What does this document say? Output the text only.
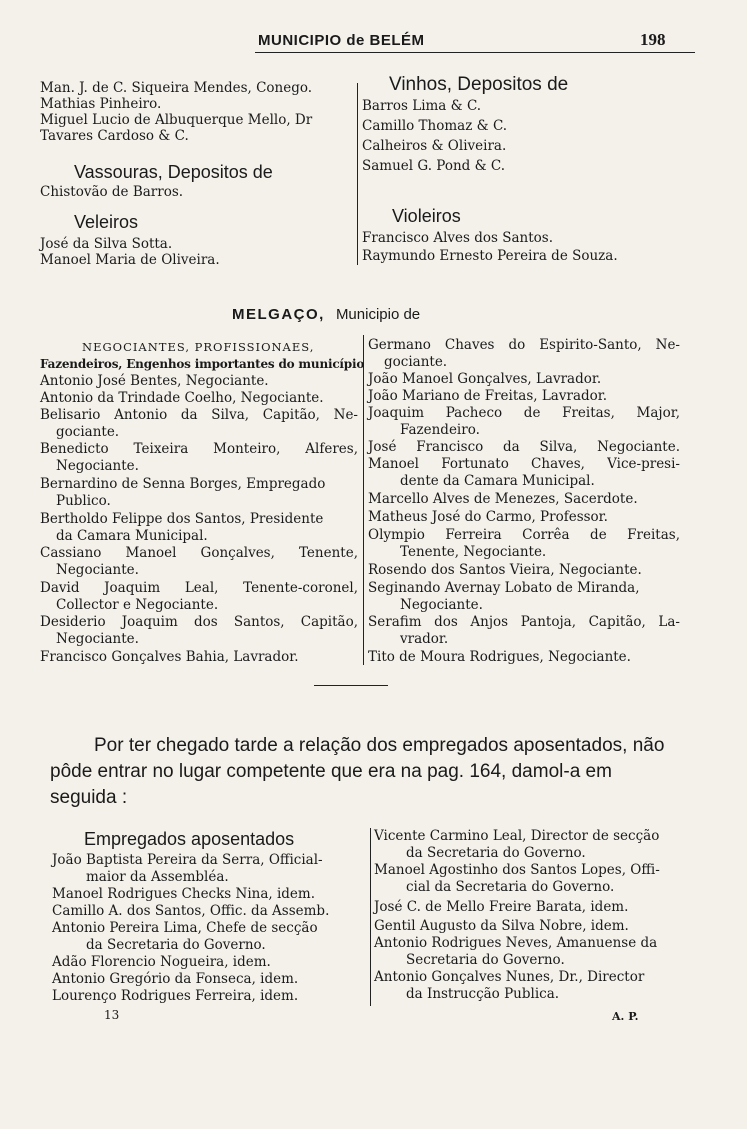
MUNICIPIO de BELÉM	198
Man. J. de C. Siqueira Mendes, Conego.
Mathias Pinheiro.
Miguel Lucio de Albuquerque Mello, Dr
Tavares Cardoso & C.
Vassouras, Depositos de
Chistovão de Barros.
Veleiros
José da Silva Sotta.
Manoel Maria de Oliveira.
Vinhos, Depositos de
Barros Lima & C.
Camillo Thomaz & C.
Calheiros & Oliveira.
Samuel G. Pond & C.
Violeiros
Francisco Alves dos Santos.
Raymundo Ernesto Pereira de Souza.
MELGAÇO, Municipio de
NEGOCIANTES, PROFISSIONAES,
Fazendeiros, Engenhos importantes do município
Antonio José Bentes, Negociante.
Antonio da Trindade Coelho, Negociante.
Belisario Antonio da Silva, Capitão, Ne-
gociante.
Benedicto Teixeira Monteiro, Alferes,
Negociante.
Bernardino de Senna Borges, Empregado
Publico.
Bertholdo Felippe dos Santos, Presidente
da Camara Municipal.
Cassiano Manoel Gonçalves, Tenente,
Negociante.
David Joaquim Leal, Tenente-coronel,
Collector e Negociante.
Desiderio Joaquim dos Santos, Capitão,
Negociante.
Francisco Gonçalves Bahia, Lavrador.
Germano Chaves do Espirito-Santo, Ne-
gociante.
João Manoel Gonçalves, Lavrador.
João Mariano de Freitas, Lavrador.
Joaquim Pacheco de Freitas, Major,
Fazendeiro.
José Francisco da Silva, Negociante.
Manoel Fortunato Chaves, Vice-presi-
dente da Camara Municipal.
Marcello Alves de Menezes, Sacerdote.
Matheus José do Carmo, Professor.
Olympio Ferreira Corrêa de Freitas,
Tenente, Negociante.
Rosendo dos Santos Vieira, Negociante.
Seginando Avernay Lobato de Miranda,
Negociante.
Serafim dos Anjos Pantoja, Capitão, La-
vrador.
Tito de Moura Rodrigues, Negociante.
Por ter chegado tarde a relação dos empregados aposentados, não
pôde entrar no lugar competente que era na pag. 164, damol-a em
seguida :
Empregados aposentados
João Baptista Pereira da Serra, Official-
maior da Assembléa.
Manoel Rodrigues Checks Nina, idem.
Camillo A. dos Santos, Offic. da Assemb.
Antonio Pereira Lima, Chefe de secção
da Secretaria do Governo.
Adão Florencio Nogueira, idem.
Antonio Gregório da Fonseca, idem.
Lourenço Rodrigues Ferreira, idem.
Vicente Carmino Leal, Director de secção
da Secretaria do Governo.
Manoel Agostinho dos Santos Lopes, Offi-
cial da Secretaria do Governo.
José C. de Mello Freire Barata, idem.
Gentil Augusto da Silva Nobre, idem.
Antonio Rodrigues Neves, Amanuense da
Secretaria do Governo.
Antonio Gonçalves Nunes, Dr., Director
da Instrucção Publica.
13	A. P.
